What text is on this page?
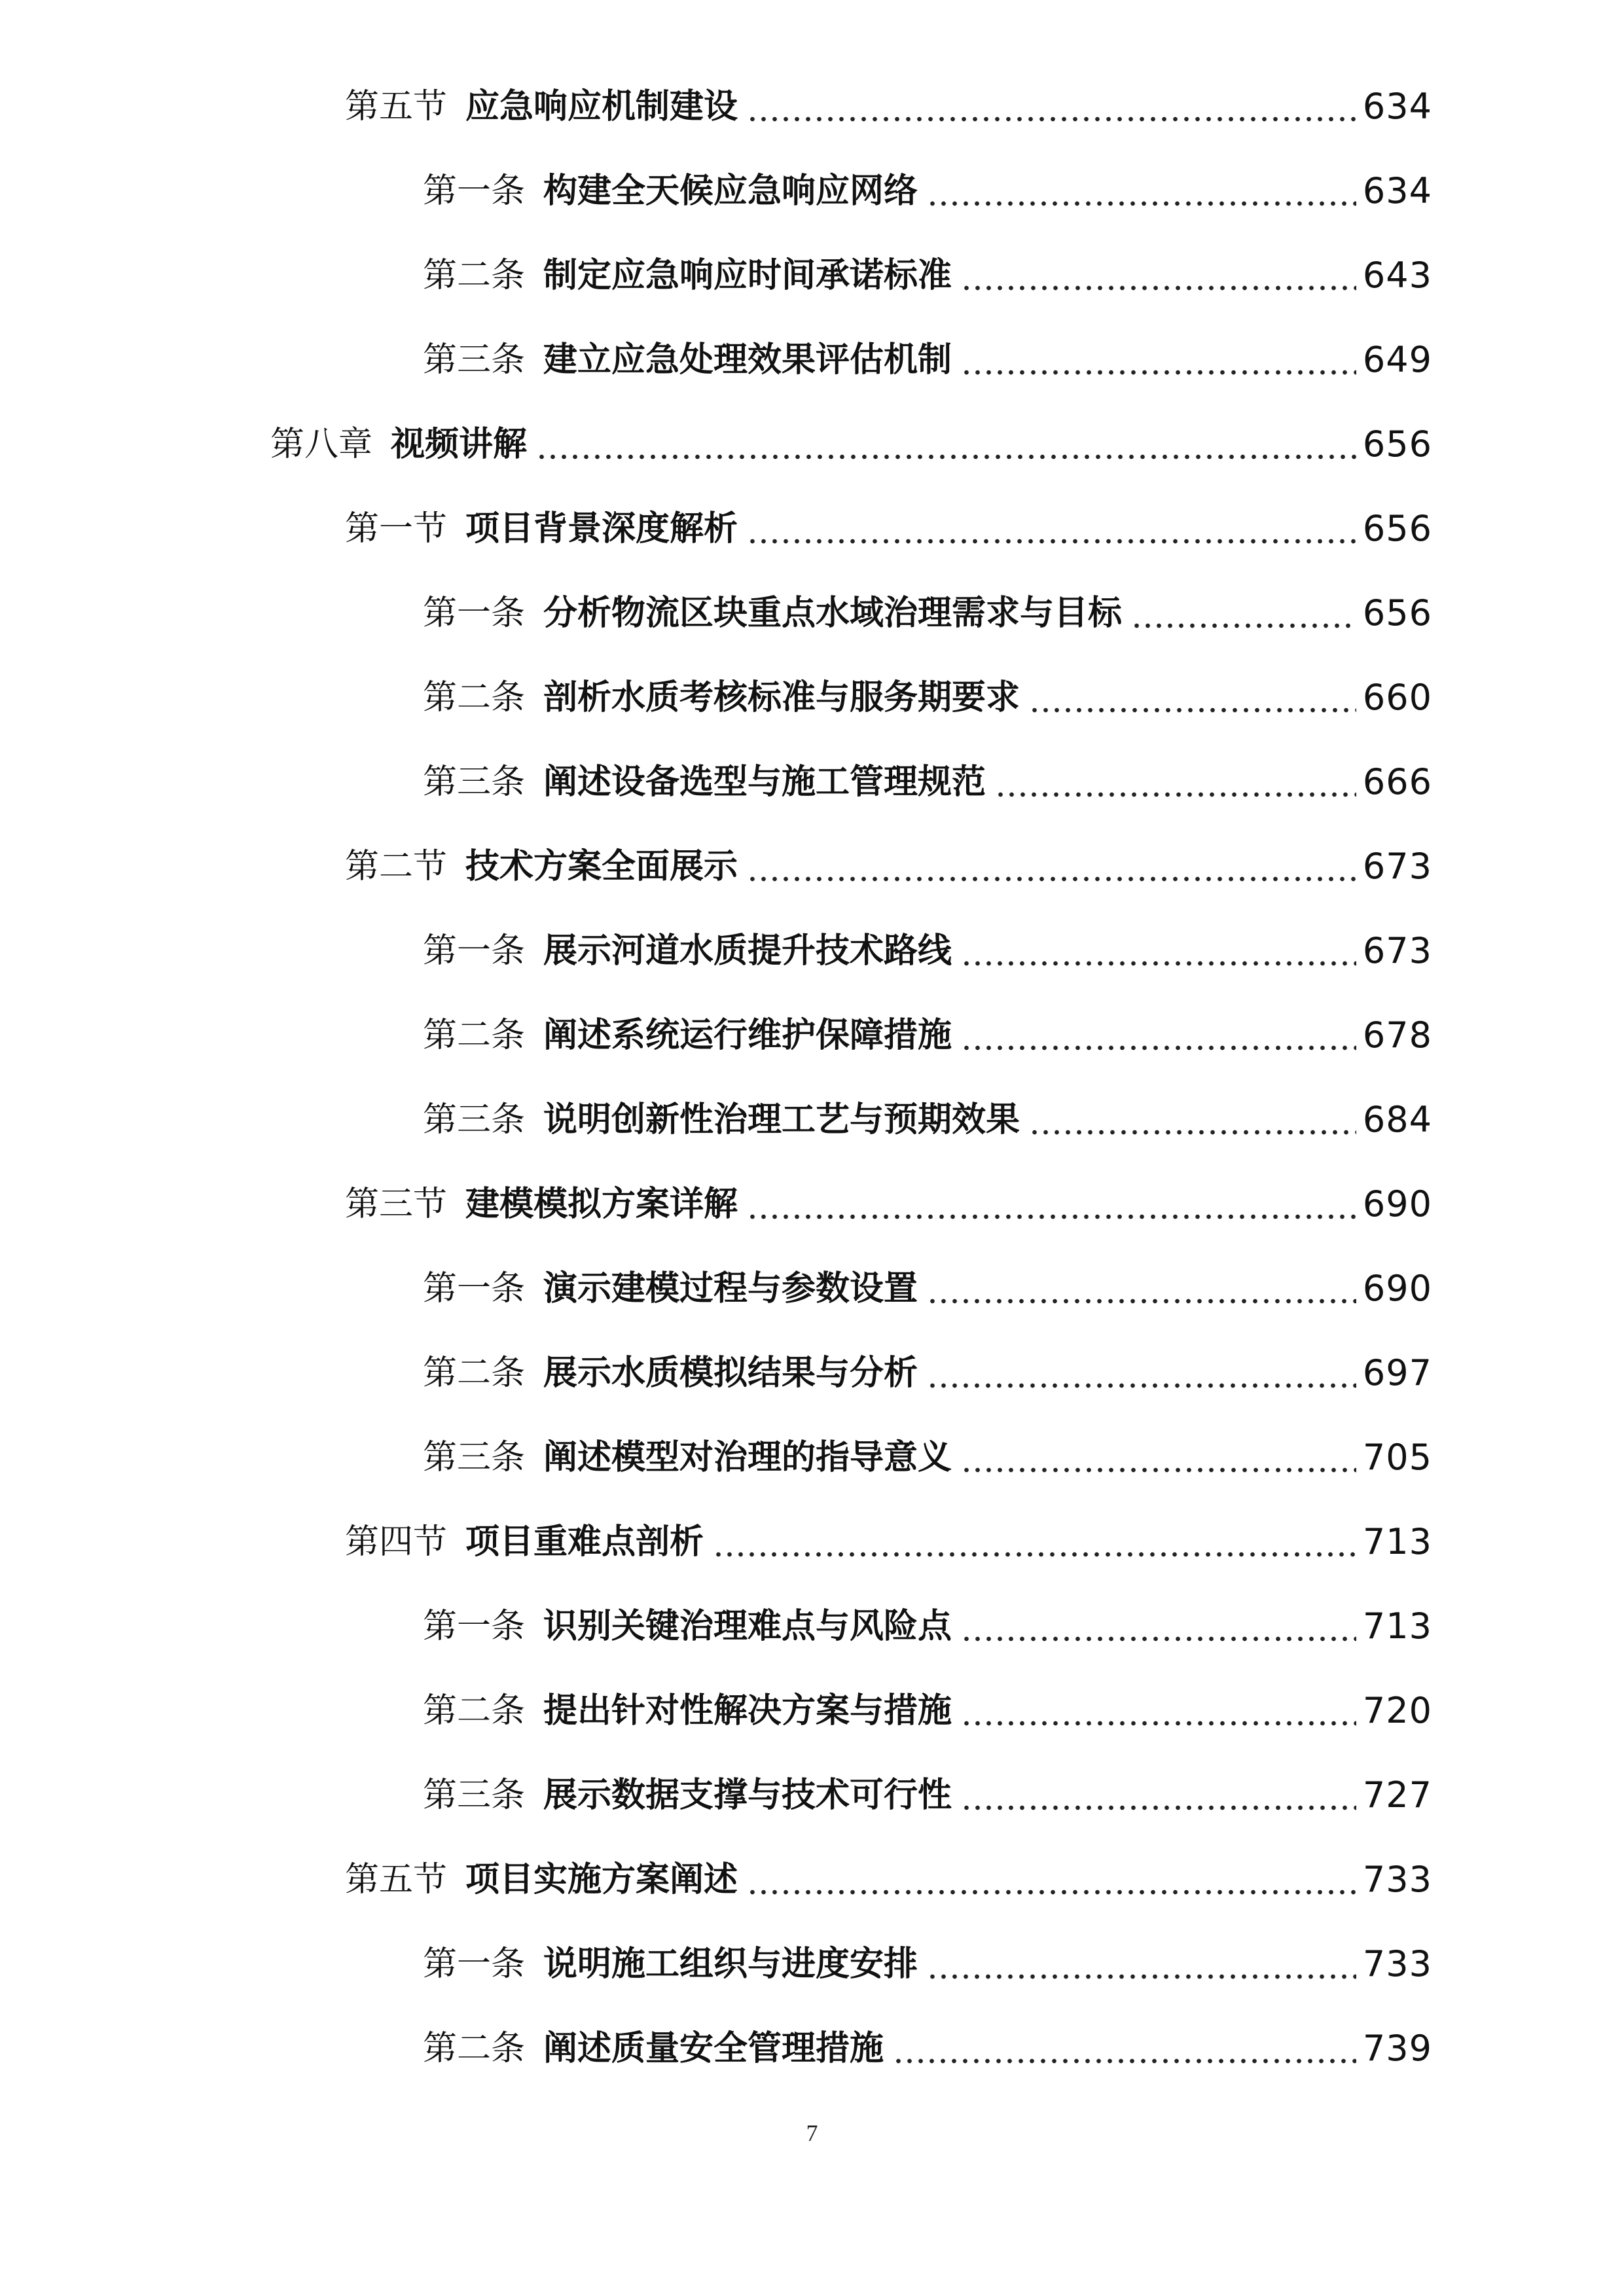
第五节 应急响应机制建设	634
第一条 构建全天候应急响应网络	634
第二条 制定应急响应时间承诺标准	643
第三条 建立应急处理效果评估机制	649
第八章 视频讲解	656
第一节 项目背景深度解析	656
第一条 分析物流区块重点水域治理需求与目标	656
第二条 剖析水质考核标准与服务期要求	660
第三条 阐述设备选型与施工管理规范	666
第二节 技术方案全面展示	673
第一条 展示河道水质提升技术路线	673
第二条 阐述系统运行维护保障措施	678
第三条 说明创新性治理工艺与预期效果	684
第三节 建模模拟方案详解	690
第一条 演示建模过程与参数设置	690
第二条 展示水质模拟结果与分析	697
第三条 阐述模型对治理的指导意义	705
第四节 项目重难点剖析	713
第一条 识别关键治理难点与风险点	713
第二条 提出针对性解决方案与措施	720
第三条 展示数据支撑与技术可行性	727
第五节 项目实施方案阐述	733
第一条 说明施工组织与进度安排	733
第二条 阐述质量安全管理措施	739
7
